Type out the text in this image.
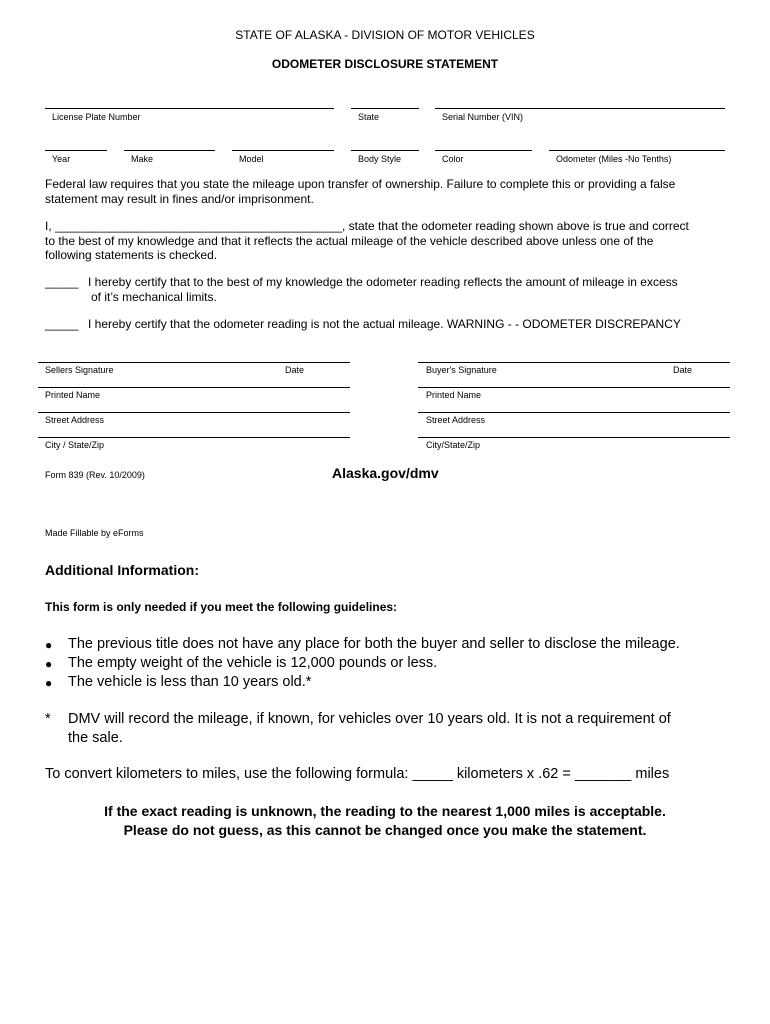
STATE OF ALASKA - DIVISION OF MOTOR VEHICLES
ODOMETER DISCLOSURE STATEMENT
License Plate Number	State	Serial Number (VIN)
Year	Make	Model	Body Style	Color	Odometer (Miles -No Tenths)
Federal law requires that you state the mileage upon transfer of ownership. Failure to complete this or providing a false
statement may result in fines and/or imprisonment.
I, ___________________________________________, state that the odometer reading shown above is true and correct
to the best of my knowledge and that it reflects the actual mileage of the vehicle described above unless one of the
following statements is checked.
_____ I hereby certify that to the best of my knowledge the odometer reading reflects the amount of mileage in excess
of it’s mechanical limits.
_____ I hereby certify that the odometer reading is not the actual mileage. WARNING - - ODOMETER DISCREPANCY
Sellers Signature	Date
Printed Name
Street Address
City / State/Zip
Buyer's Signature	Date
Printed Name
Street Address
City/State/Zip
Form 839 (Rev. 10/2009)	Alaska.gov/dmv
Made Fillable by eForms
Additional Information:
This form is only needed if you meet the following guidelines:
● The previous title does not have any place for both the buyer and seller to disclose the mileage.
● The empty weight of the vehicle is 12,000 pounds or less.
● The vehicle is less than 10 years old.*
* DMV will record the mileage, if known, for vehicles over 10 years old. It is not a requirement of
the sale.
To convert kilometers to miles, use the following formula: _____ kilometers x .62 = _______ miles
If the exact reading is unknown, the reading to the nearest 1,000 miles is acceptable.
Please do not guess, as this cannot be changed once you make the statement.
